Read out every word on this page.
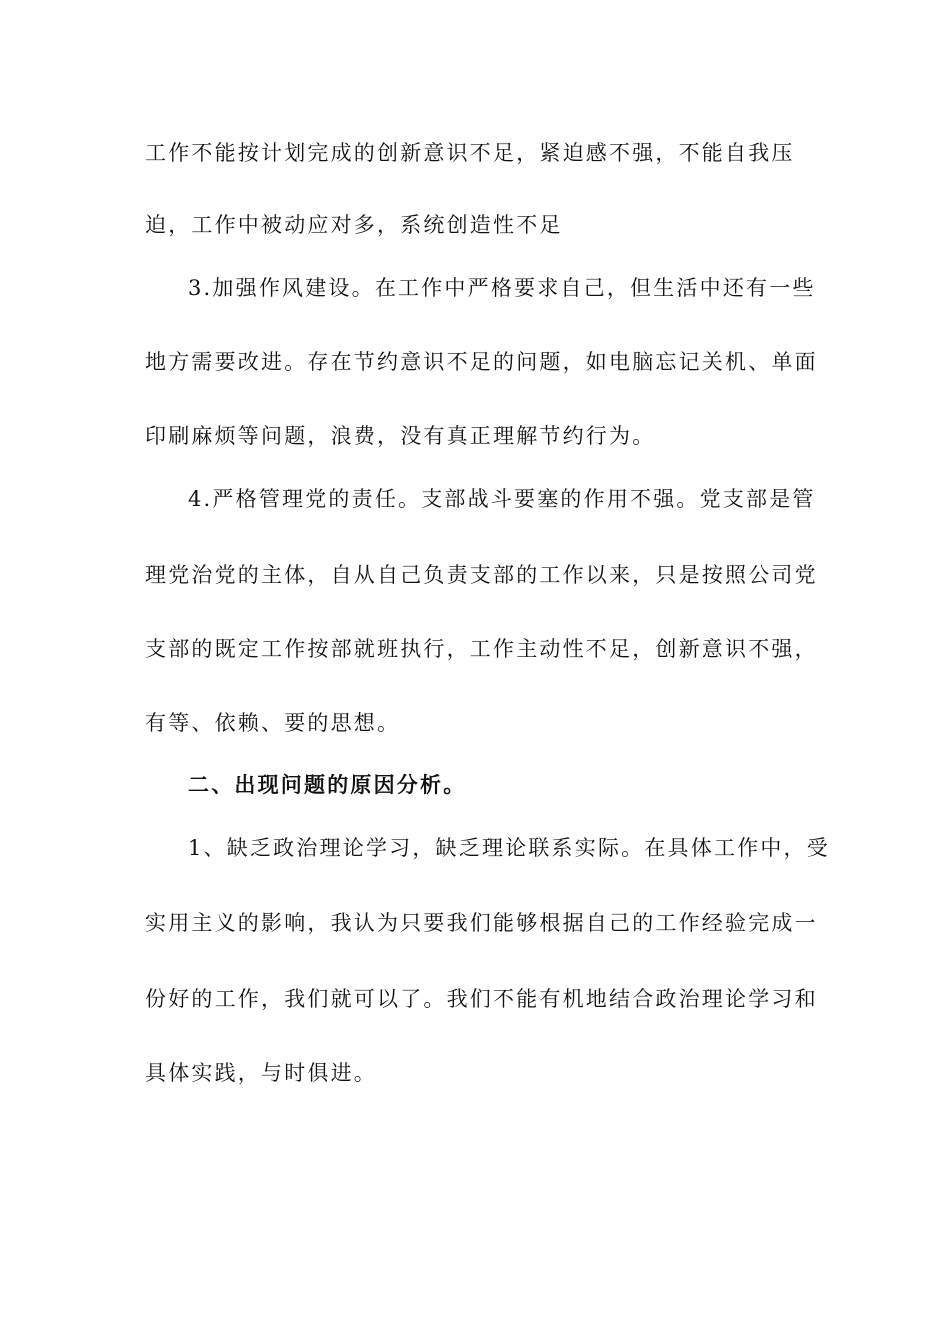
工作不能按计划完成的创新意识不足，紧迫感不强，不能自我压
迫，工作中被动应对多，系统创造性不足
3.加强作风建设。在工作中严格要求自己，但生活中还有一些
地方需要改进。存在节约意识不足的问题，如电脑忘记关机、单面
印刷麻烦等问题，浪费，没有真正理解节约行为。
4.严格管理党的责任。支部战斗要塞的作用不强。党支部是管
理党治党的主体，自从自己负责支部的工作以来，只是按照公司党
支部的既定工作按部就班执行，工作主动性不足，创新意识不强，
有等、依赖、要的思想。
二、出现问题的原因分析。
1、缺乏政治理论学习，缺乏理论联系实际。在具体工作中，受
实用主义的影响，我认为只要我们能够根据自己的工作经验完成一
份好的工作，我们就可以了。我们不能有机地结合政治理论学习和
具体实践，与时俱进。
